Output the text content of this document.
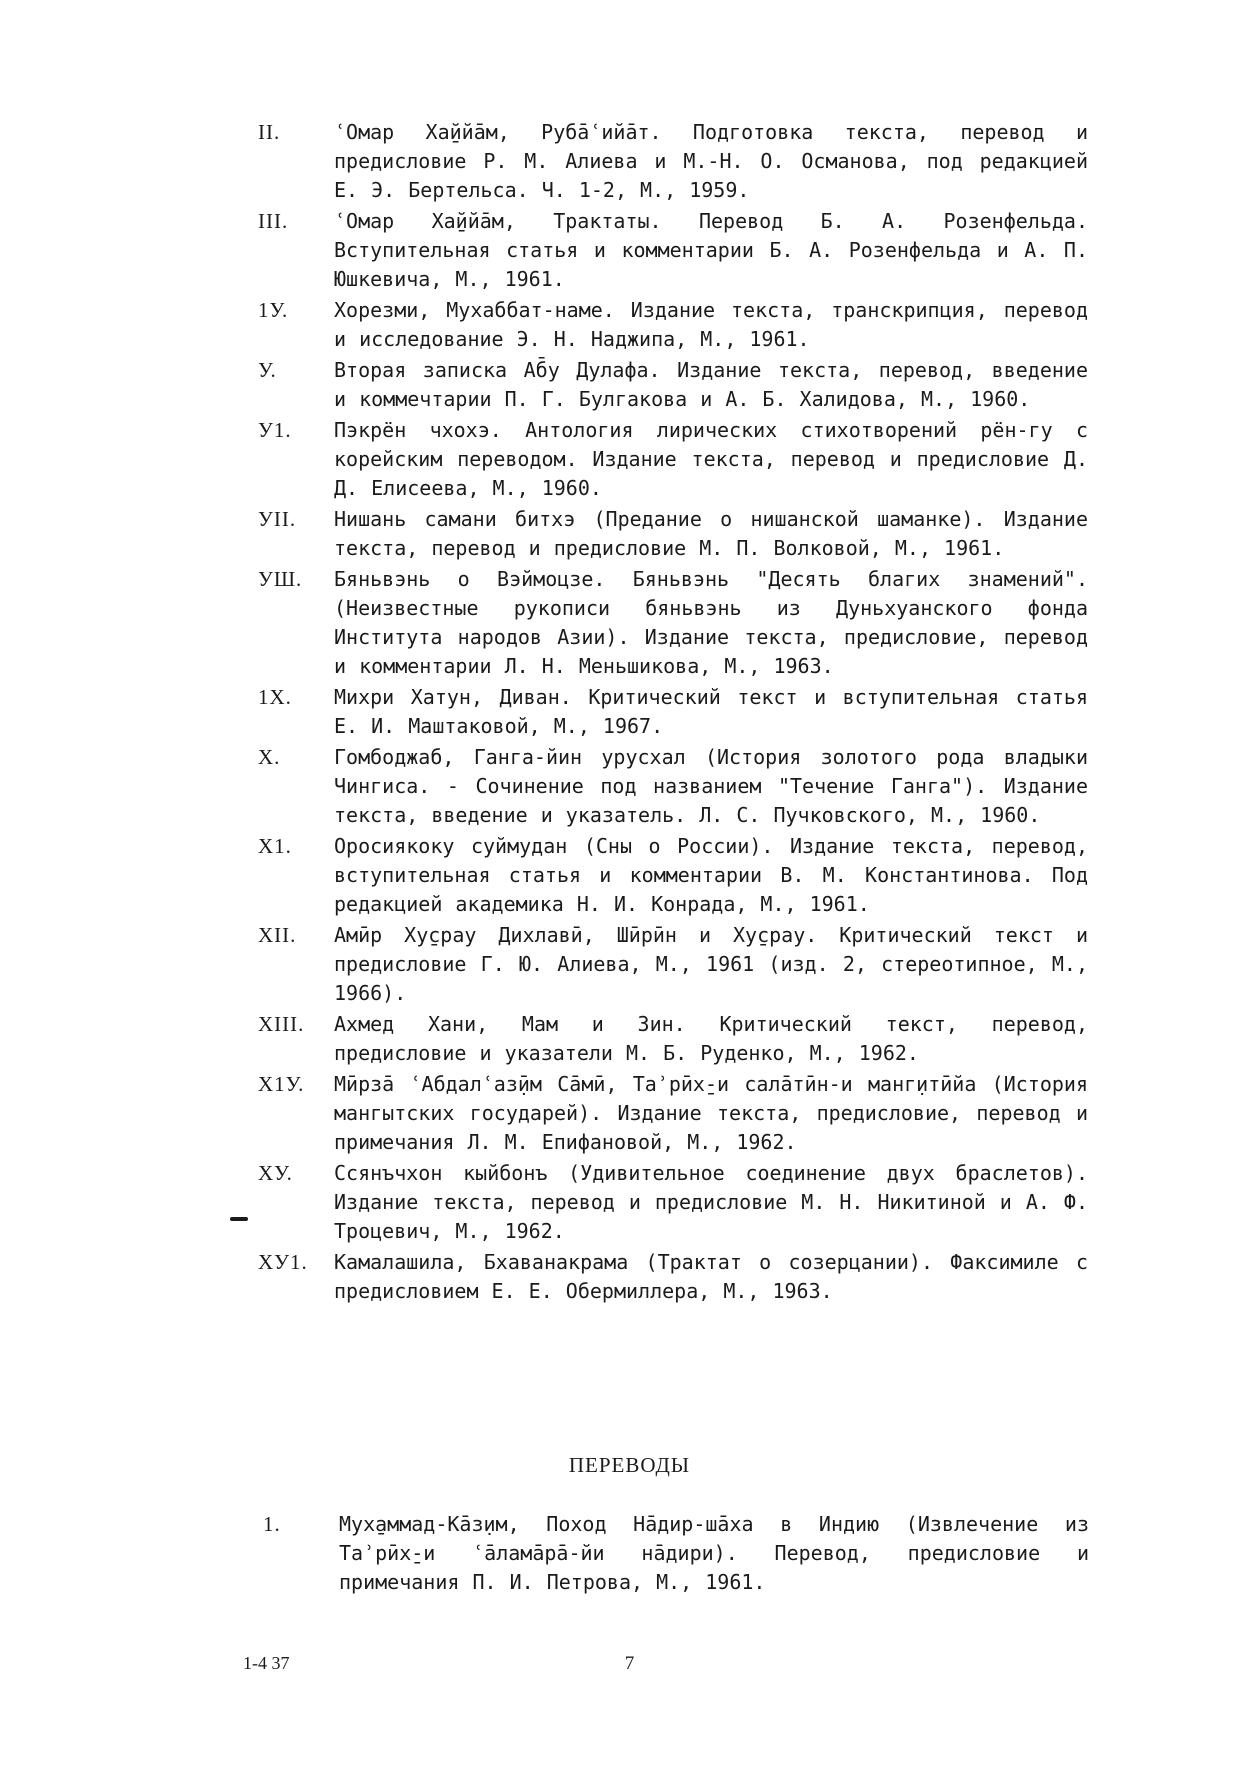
II.	ʿОмар Ха̱йй̄ам, Руба̄ʿий̄ат. Подготовка текста, перевод и предисловие Р. М. Алиева и М.-Н. О. Османова, под редакцией Е. Э. Бертельса. Ч. 1-2, М., 1959.
III.	ʿОмар Ха̱йй̄ам, Трактаты. Перевод Б. А. Розенфельда. Вступительная статья и комментарии Б. А. Розенфельда и А. П. Юшкевича, М., 1961.
1У.	Хорезми, Мухаббат-наме. Издание текста, транскрипция, перевод и исследование Э. Н. Наджипа, М., 1961.
У.	Вторая записка Аб̄у Дулафа. Издание текста, перевод, введение и коммечтарии П. Г. Булгакова и А. Б. Халидова, М., 1960.
У1.	Пэкрён чхохэ. Антология лирических стихотворений рён-гу с корейским переводом. Издание текста, перевод и предисловие Д. Д. Елисеева, М., 1960.
УII.	Нишань самани битхэ (Предание о нишанской шаманке). Издание текста, перевод и предисловие М. П. Волковой, М., 1961.
УШ.	Бяньвэнь о Вэймоцзе. Бяньвэнь "Десять благих знамений". (Неизвестные рукописи бяньвэнь из Дуньхуанского фонда Института народов Азии). Издание текста, предисловие, перевод и комментарии Л. Н. Меньшикова, М., 1963.
1Х.	Михри Хатун, Диван. Критический текст и вступительная статья Е. И. Маштаковой, М., 1967.
Х.	Гомбоджаб, Ганга-йин урусхал (История золотого рода владыки Чингиса. - Сочинение под названием "Течение Ганга"). Издание текста, введение и указатель. Л. С. Пучковского, М., 1960.
Х1.	Оросиякоку суймудан (Сны о России). Издание текста, перевод, вступительная статья и комментарии В. М. Константинова. Под редакцией академика Н. И. Конрада, М., 1961.
ХII.	Амӣр Ху̱срау Дихлавӣ, Шӣрӣн и Ху̱срау. Критический текст и предисловие Г. Ю. Алиева, М., 1961 (изд. 2, стереотипное, М., 1966).
ХIII.	Ахмед Хани, Мам и Зин. Критический текст, перевод, предисловие и указатели М. Б. Руденко, М., 1962.
Х1У.	Мӣрза̄ ʿАбдалʿаз̣ӣм Са̄мӣ, Таʾрӣх̱-и сала̄тӣн-и манг̣итӣйа (История мангытских государей). Издание текста, предисловие, перевод и примечания Л. М. Епифановой, М., 1962.
ХУ.	Ссянъчхон кыйбонъ (Удивительное соединение двух браслетов). Издание текста, перевод и предисловие М. Н. Никитиной и А. Ф. Троцевич, М., 1962.
ХУ1.	Камалашила, Бхаванакрама (Трактат о созерцании). Факсимиле с предисловием Е. Е. Обермиллера, М., 1963.
ПЕРЕВОДЫ
1.	Мух̱аммад-Ка̄з̣им, Поход На̄дир-ша̄ха в Индию (Извлечение из Таʾрӣх̱-и ʿа̄лама̄ра̄-йи на̄дири). Перевод, предисловие и примечания П. И. Петрова, М., 1961.
1-4 37	7
